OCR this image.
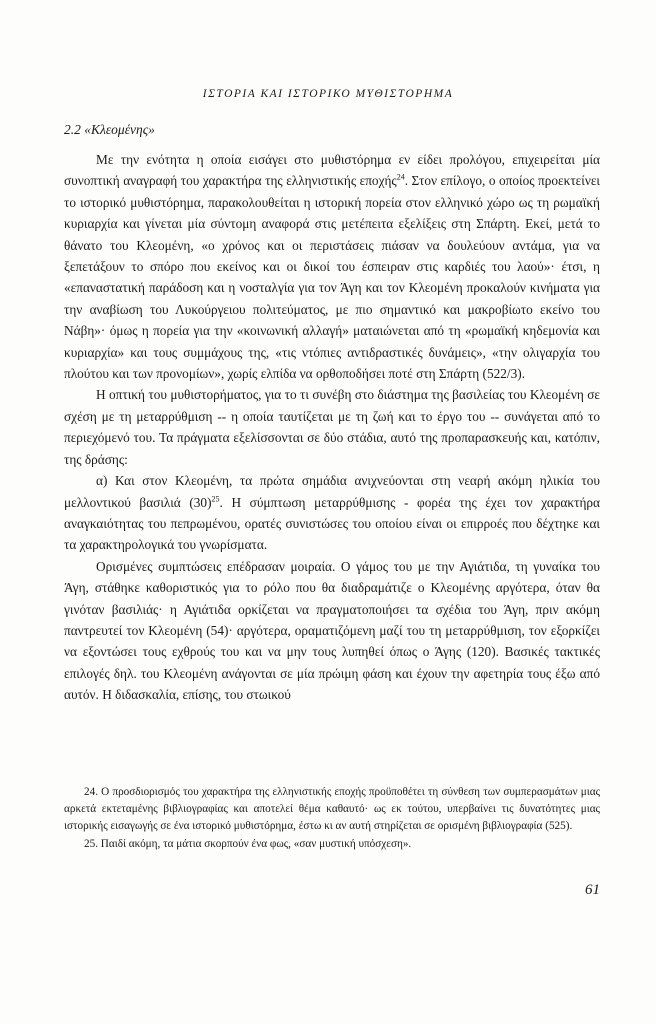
ΙΣΤΟΡΙΑ ΚΑΙ ΙΣΤΟΡΙΚΟ ΜΥΘΙΣΤΟΡΗΜΑ
2.2 «Κλεομένης»

Με την ενότητα η οποία εισάγει στο μυθιστόρημα εν είδει προλόγου, επιχειρείται μία συνοπτική αναγραφή του χαρακτήρα της ελληνιστικής εποχής$^{24}$. Στον επίλογο, ο οποίος προεκτείνει το ιστορικό μυθιστόρημα, παρακολουθείται η ιστορική πορεία στον ελληνικό χώρο ως τη ρωμαϊκή κυριαρχία και γίνεται μία σύντομη αναφορά στις μετέπειτα εξελίξεις στη Σπάρτη. Εκεί, μετά το θάνατο του Κλεομένη, «ο χρόνος και οι περιστάσεις πιάσαν να δουλεύουν αντάμα, για να ξεπετάξουν το σπόρο που εκείνος και οι δικοί του έσπειραν στις καρδιές του λαού»· έτσι, η «επαναστατική παράδοση και η νοσταλγία για τον Άγη και τον Κλεομένη προκαλούν κινήματα για την αναβίωση του Λυκούργειου πολιτεύματος, με πιο σημαντικό και μακροβίωτο εκείνο του Νάβη»· όμως η πορεία για την «κοινωνική αλλαγή» ματαιώνεται από τη «ρωμαϊκή κηδεμονία και κυριαρχία» και τους συμμάχους της, «τις ντόπιες αντιδραστικές δυνάμεις», «την ολιγαρχία του πλούτου και των προνομίων», χωρίς ελπίδα να ορθοποδήσει ποτέ στη Σπάρτη (522/3).

Η οπτική του μυθιστορήματος, για το τι συνέβη στο διάστημα της βασιλείας του Κλεομένη σε σχέση με τη μεταρρύθμιση -- η οποία ταυτίζεται με τη ζωή και το έργο του -- συνάγεται από το περιεχόμενό του. Τα πράγματα εξελίσσονται σε δύο στάδια, αυτό της προπαρασκευής και, κατόπιν, της δράσης:

α) Και στον Κλεομένη, τα πρώτα σημάδια ανιχνεύονται στη νεαρή ακόμη ηλικία του μελλοντικού βασιλιά $(30)^{25}$. Η σύμπτωση μεταρρύθμισης - φορέα της έχει τον χαρακτήρα αναγκαιότητας του πεπρωμένου, ορατές συνιστώσες του οποίου είναι οι επιρροές που δέχτηκε και τα χαρακτηρολογικά του γνωρίσματα.

Ορισμένες συμπτώσεις επέδρασαν μοιραία. Ο γάμος του με την Αγιάτιδα, τη γυναίκα του Άγη, στάθηκε καθοριστικός για το ρόλο που θα διαδραμάτιζε ο Κλεομένης αργότερα, όταν θα γινόταν βασιλιάς· η Αγιάτιδα ορκίζεται να πραγματοποιήσει τα σχέδια του Άγη, πριν ακόμη παντρευτεί τον Κλεομένη (54)· αργότερα, οραματιζόμενη μαζί του τη μεταρρύθμιση, τον εξορκίζει να εξοντώσει τους εχθρούς του και να μην τους λυπηθεί όπως ο Άγης (120). Βασικές τακτικές επιλογές δηλ. του Κλεομένη ανάγονται σε μία πρώιμη φάση και έχουν την αφετηρία τους έξω από αυτόν. Η διδασκαλία, επίσης, του στωικού

24. Ο προσδιορισμός του χαρακτήρα της ελληνιστικής εποχής προϋποθέτει τη σύνθεση των συμπερασμάτων μιας αρκετά εκτεταμένης βιβλιογραφίας και αποτελεί θέμα καθαυτό· ως εκ τούτου, υπερβαίνει τις δυνατότητες μιας ιστορικής εισαγωγής σε ένα ιστορικό μυθιστόρημα, έστω κι αν αυτή στηρίζεται σε ορισμένη βιβλιογραφία (525).

25. Παιδί ακόμη, τα μάτια σκορπούν ένα φως, «σαν μυστική υπόσχεση».

61
